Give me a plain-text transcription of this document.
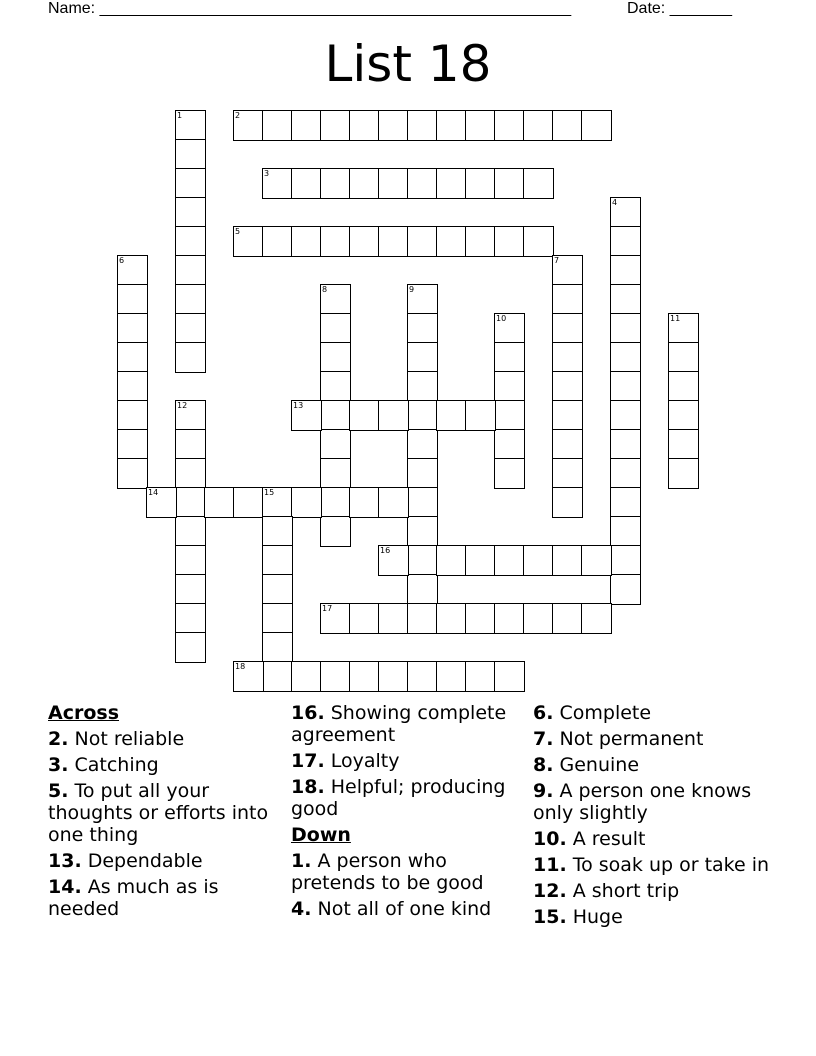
Name: _____________________________________________________	Date: _______
List 18
1	2
3
4
5
6	7
8	9
10	11
12	13
14	15
16
17
18
Across
2. Not reliable
3. Catching
5. To put all your thoughts or efforts into one thing
13. Dependable
14. As much as is needed
16. Showing complete agreement
17. Loyalty
18. Helpful; producing good
Down
1. A person who pretends to be good
4. Not all of one kind
6. Complete
7. Not permanent
8. Genuine
9. A person one knows only slightly
10. A result
11. To soak up or take in
12. A short trip
15. Huge
